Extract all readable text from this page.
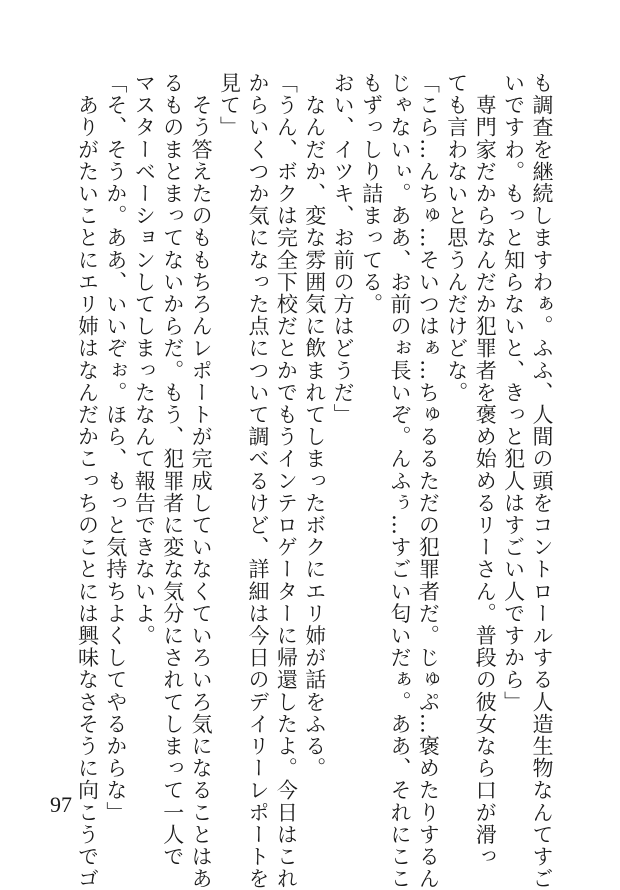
も調査を継続しますわぁ。ふふ、人間の頭をコントロールする人造生物なんてすご
いですわ。もっと知らないと、きっと犯人はすごい人ですから」
　専門家だからなんだか犯罪者を褒め始めるリーさん。普段の彼女なら口が滑っ
ても言わないと思うんだけどな。
「こら…んちゅ…そいつはぁ…ちゅるるただの犯罪者だ。じゅぷ…褒めたりするん
じゃないぃ。ああ、お前のぉ長いぞ。んふぅ…すごい匂いだぁ。ああ、それにここ
もずっしり詰まってる。
おい、イツキ、お前の方はどうだ」
　なんだか、変な雰囲気に飲まれてしまったボクにエリ姉が話をふる。
「うん、ボクは完全下校だとかでもうインテロゲーターに帰還したよ。今日はこれ
からいくつか気になった点について調べるけど、詳細は今日のデイリーレポートを
見て」
　そう答えたのももちろんレポートが完成していなくていろいろ気になることはあ
るものまとまってないからだ。もう、犯罪者に変な気分にされてしまって一人で
マスターベーションしてしまったなんて報告できないよ。
「そ、そうか。ああ、いいぞぉ。ほら、もっと気持ちよくしてやるからな」
　ありがたいことにエリ姉はなんだかこっちのことには興味なさそうに向こうでゴ
97
